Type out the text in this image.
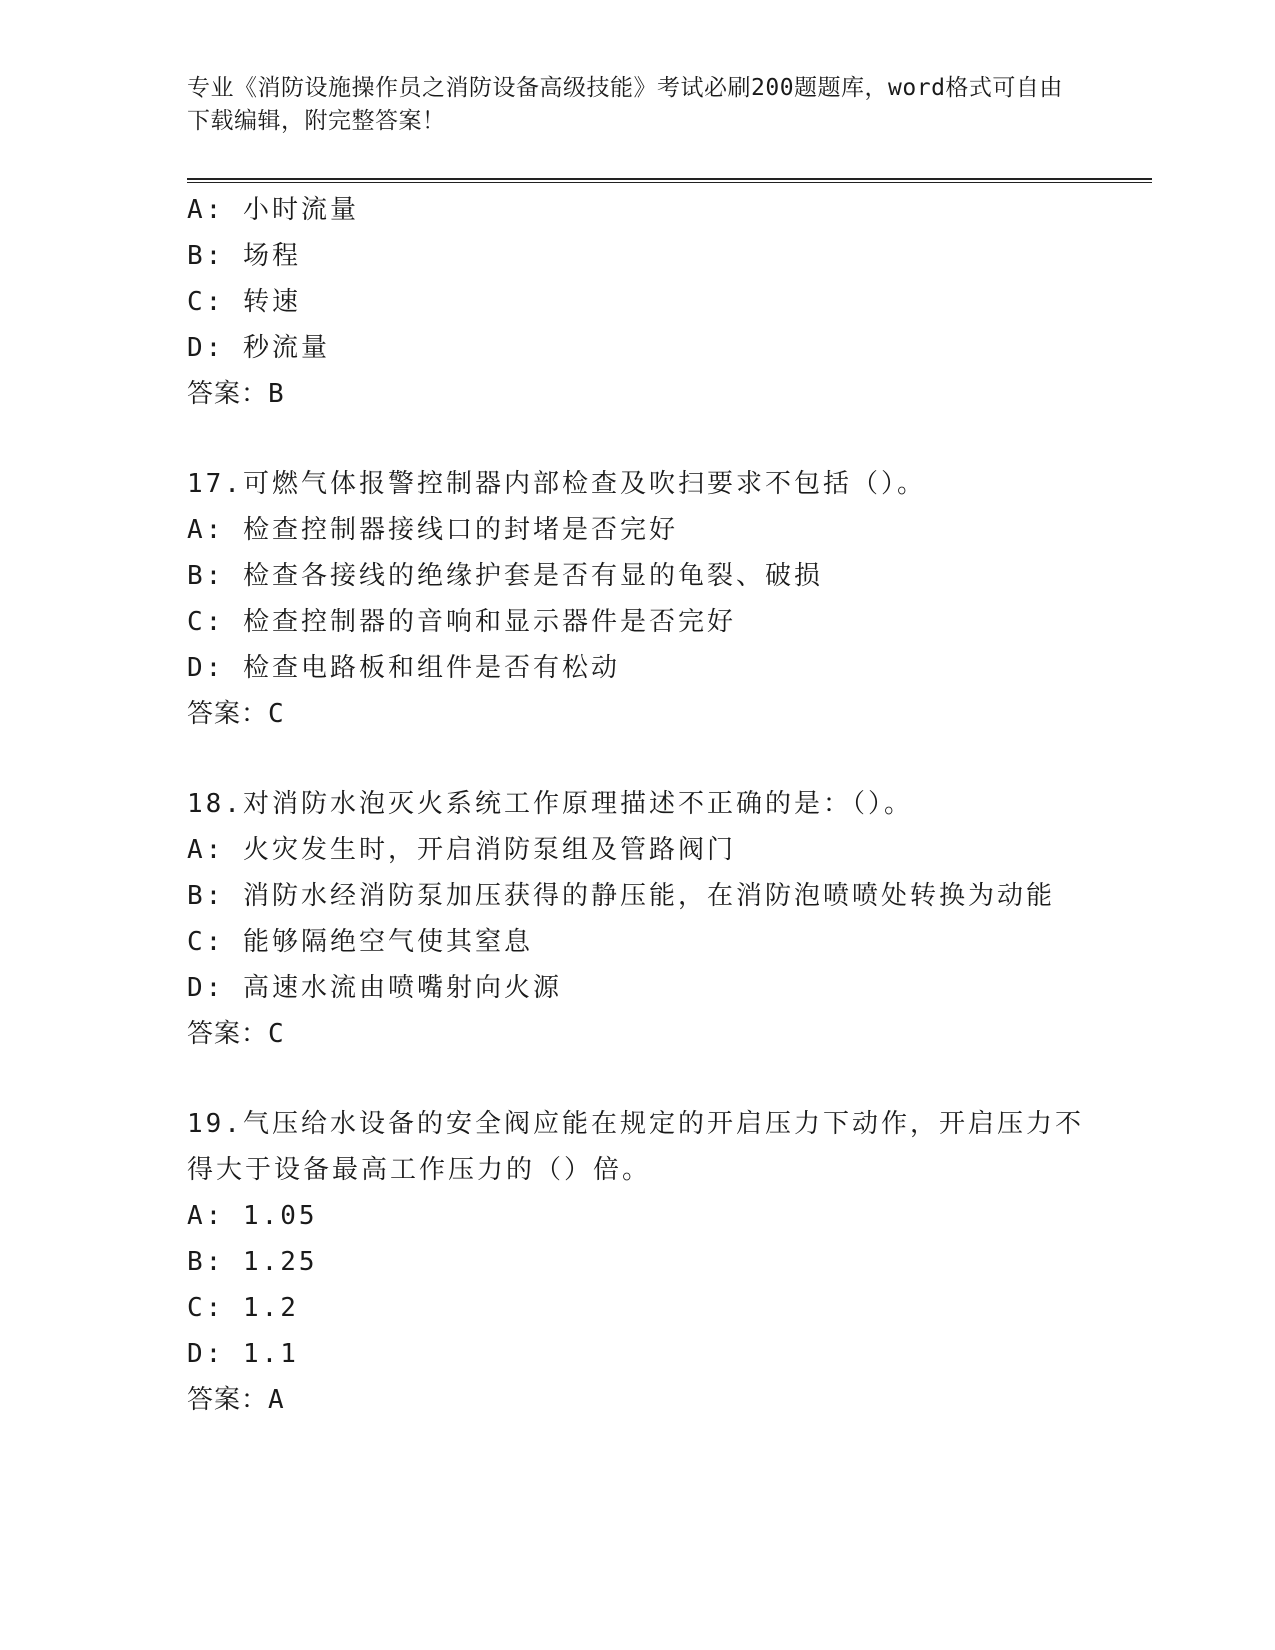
专业《消防设施操作员之消防设备高级技能》考试必刷200题题库，word格式可自由下载编辑，附完整答案！
A: 小时流量
B: 场程
C: 转速
D: 秒流量
答案：B
17.可燃气体报警控制器内部检查及吹扫要求不包括（）。
A: 检查控制器接线口的封堵是否完好
B: 检查各接线的绝缘护套是否有显的龟裂、破损
C: 检查控制器的音响和显示器件是否完好
D: 检查电路板和组件是否有松动
答案：C
18.对消防水泡灭火系统工作原理描述不正确的是：（）。
A: 火灾发生时，开启消防泵组及管路阀门
B: 消防水经消防泵加压获得的静压能，在消防泡喷喷处转换为动能
C: 能够隔绝空气使其窒息
D: 高速水流由喷嘴射向火源
答案：C
19.气压给水设备的安全阀应能在规定的开启压力下动作，开启压力不得大于设备最高工作压力的（）倍。
A: 1.05
B: 1.25
C: 1.2
D: 1.1
答案：A
